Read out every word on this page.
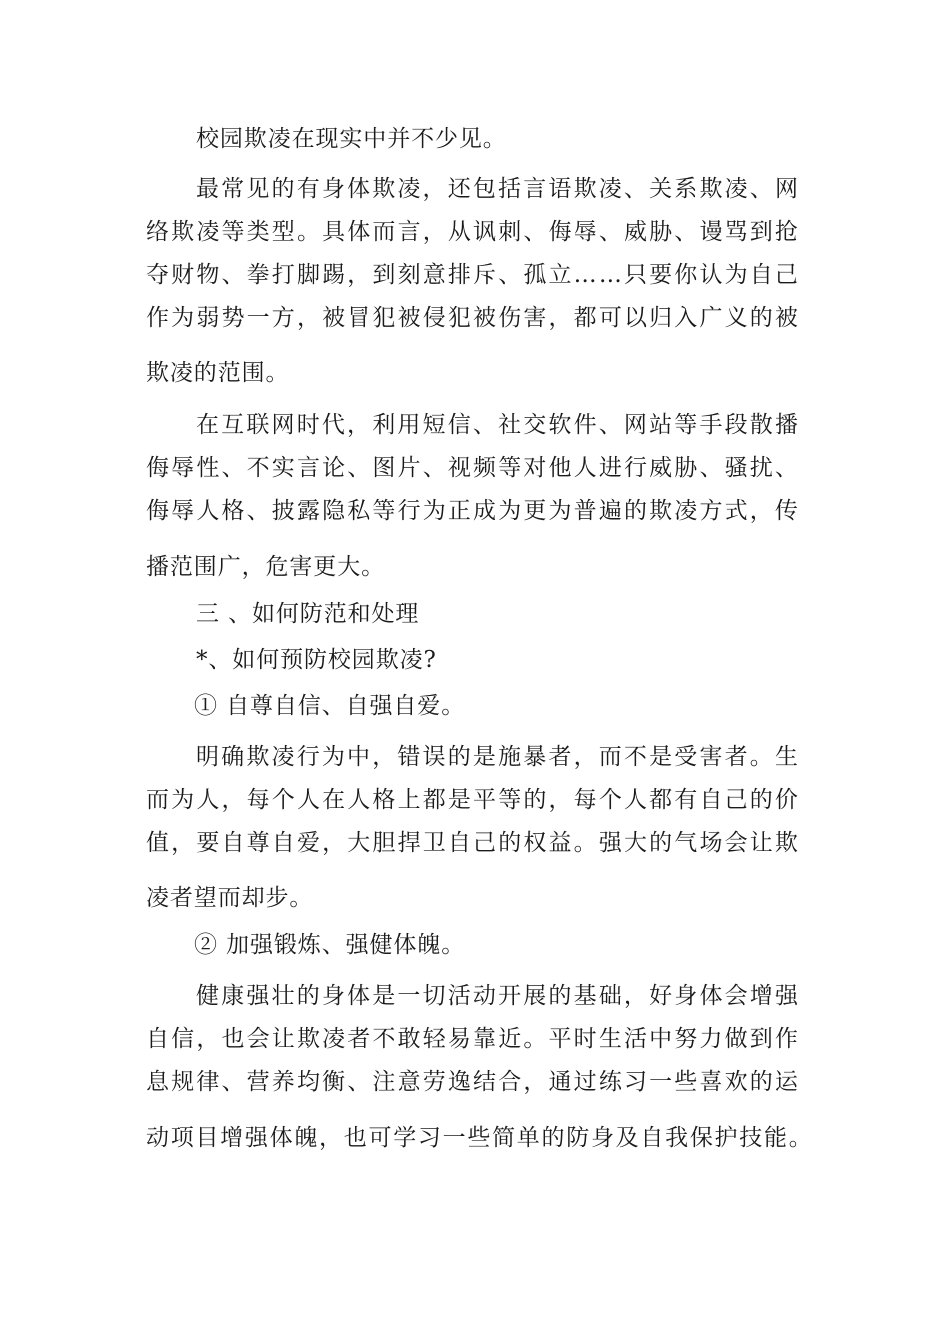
校园欺凌在现实中并不少见。
最 常 见 的 有 身 体 欺 凌 ， 还 包 括 言 语 欺 凌 、 关 系 欺 凌 、 网
络 欺 凌 等 类 型 。 具 体 而 言 ， 从 讽 刺 、 侮 辱 、 威 胁 、 谩 骂 到 抢
夺 财 物 、 拳 打 脚 踢 ， 到 刻 意 排 斥 、 孤 立 … … 只 要 你 认 为 自 己
作 为 弱 势 一 方 ， 被 冒 犯 被 侵 犯 被 伤 害 ， 都 可 以 归 入 广 义 的 被
欺凌的范围。
在 互 联 网 时 代 ， 利 用 短 信 、 社 交 软 件 、 网 站 等 手 段 散 播
侮 辱 性 、 不 实 言 论 、 图 片 、 视 频 等 对 他 人 进 行 威 胁 、 骚 扰 、
侮 辱 人 格 、 披 露 隐 私 等 行 为 正 成 为 更 为 普 遍 的 欺 凌 方 式 ， 传
播范围广，危害更大。
三 、如何防范和处理
*、如何预防校园欺凌?
① 自尊自信、自强自爱。
明 确 欺 凌 行 为 中 ， 错 误 的 是 施 暴 者 ， 而 不 是 受 害 者 。 生
而 为 人 ， 每 个 人 在 人 格 上 都 是 平 等 的 ， 每 个 人 都 有 自 己 的 价
值 ， 要 自 尊 自 爱 ， 大 胆 捍 卫 自 己 的 权 益 。 强 大 的 气 场 会 让 欺
凌者望而却步。
② 加强锻炼、强健体魄。
健 康 强 壮 的 身 体 是 一 切 活 动 开 展 的 基 础 ， 好 身 体 会 增 强
自 信 ， 也 会 让 欺 凌 者 不 敢 轻 易 靠 近 。 平 时 生 活 中 努 力 做 到 作
息 规 律 、 营 养 均 衡 、 注 意 劳 逸 结 合 ， 通 过 练 习 一 些 喜 欢 的 运
动 项 目 增 强 体 魄 ， 也 可 学 习 一 些 简 单 的 防 身 及 自 我 保 护 技 能 。
